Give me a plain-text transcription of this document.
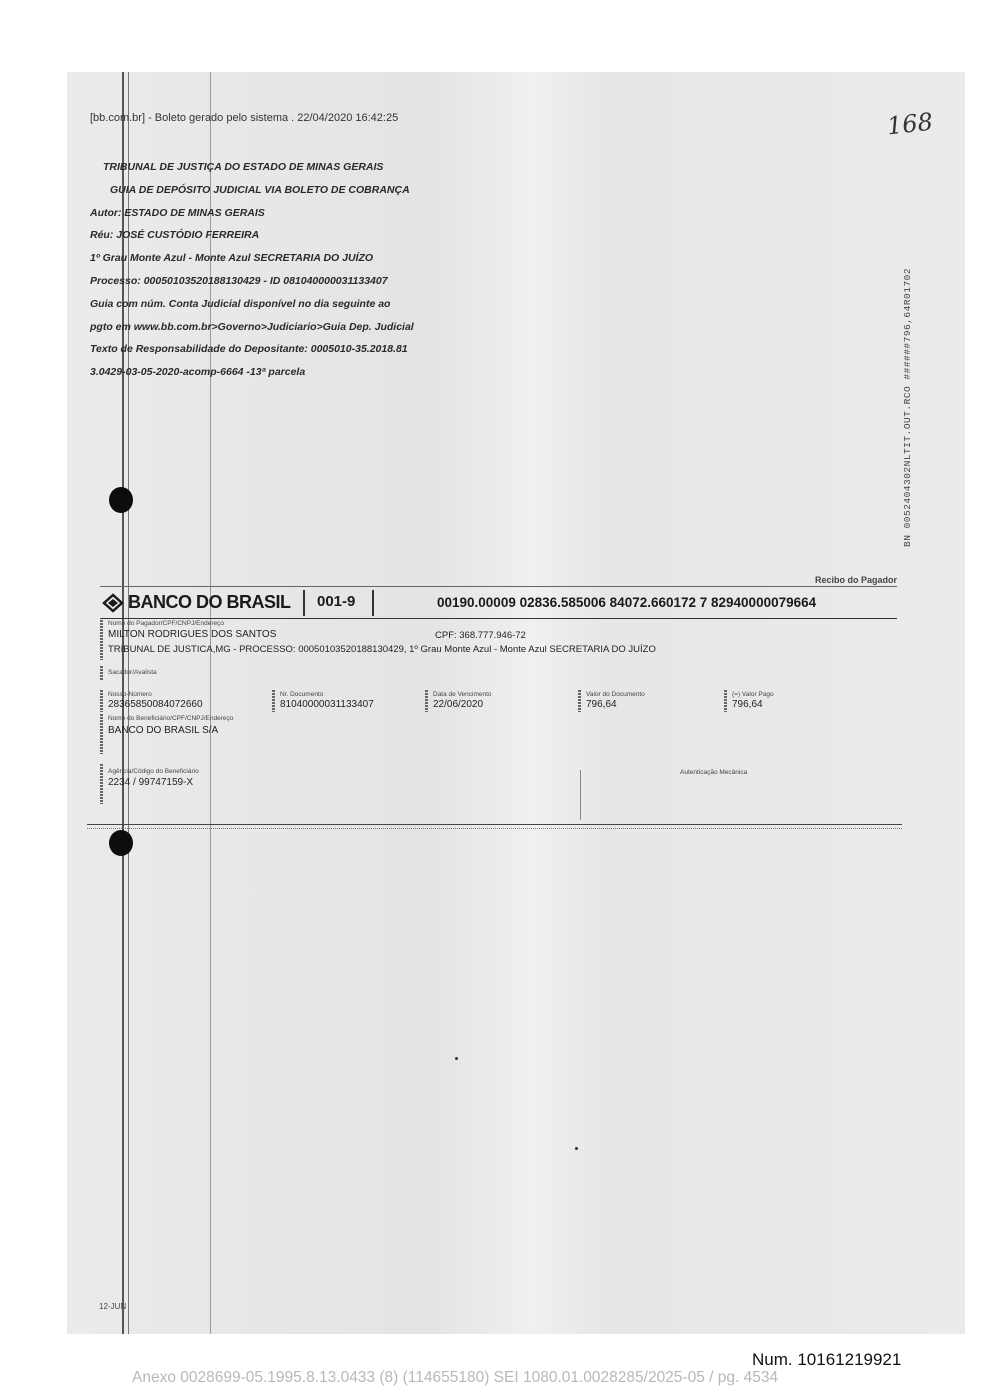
[bb.com.br] - Boleto gerado pelo sistema . 22/04/2020 16:42:25	168
TRIBUNAL DE JUSTIÇA DO ESTADO DE MINAS GERAIS
GUIA DE DEPÓSITO JUDICIAL VIA BOLETO DE COBRANÇA
Autor: ESTADO DE MINAS GERAIS
Réu: JOSÉ CUSTÓDIO FERREIRA
1º Grau Monte Azul - Monte Azul SECRETARIA DO JUÍZO
Processo: 00050103520188130429 - ID 081040000031133407
Guia com núm. Conta Judicial disponível no dia seguinte ao
pgto em www.bb.com.br>Governo>Judiciario>Guia Dep. Judicial
Texto de Responsabilidade do Depositante: 0005010-35.2018.81
3.0429-03-05-2020-acomp-6664 -13ª parcela	BN 0052404302NLTIT.OUT.RCO ######796,64R01702
Recibo do Pagador
BANCO DO BRASIL 001-9	00190.00009 02836.585006 84072.660172 7 82940000079664
Nome do Pagador/CPF/CNPJ/Endereço
MILTON RODRIGUES DOS SANTOS	CPF: 368.777.946-72
TRIBUNAL DE JUSTICA,MG - PROCESSO: 00050103520188130429, 1º Grau Monte Azul - Monte Azul SECRETARIA DO JUÍZO
Sacador/Avalista
Nosso-Número
28365850084072660
Nr. Documento
81040000031133407
Data de Vencimento
22/06/2020
Valor do Documento
796,64
(=) Valor Pago
796,64
Nome do Beneficiário/CPF/CNPJ/Endereço
BANCO DO BRASIL S/A
Agência/Código do Beneficiário
2234 / 99747159-X
Autenticação Mecânica
12-JUN
Num. 10161219921
Anexo 0028699-05.1995.8.13.0433 (8) (114655180) SEI 1080.01.0028285/2025-05 / pg. 4534
